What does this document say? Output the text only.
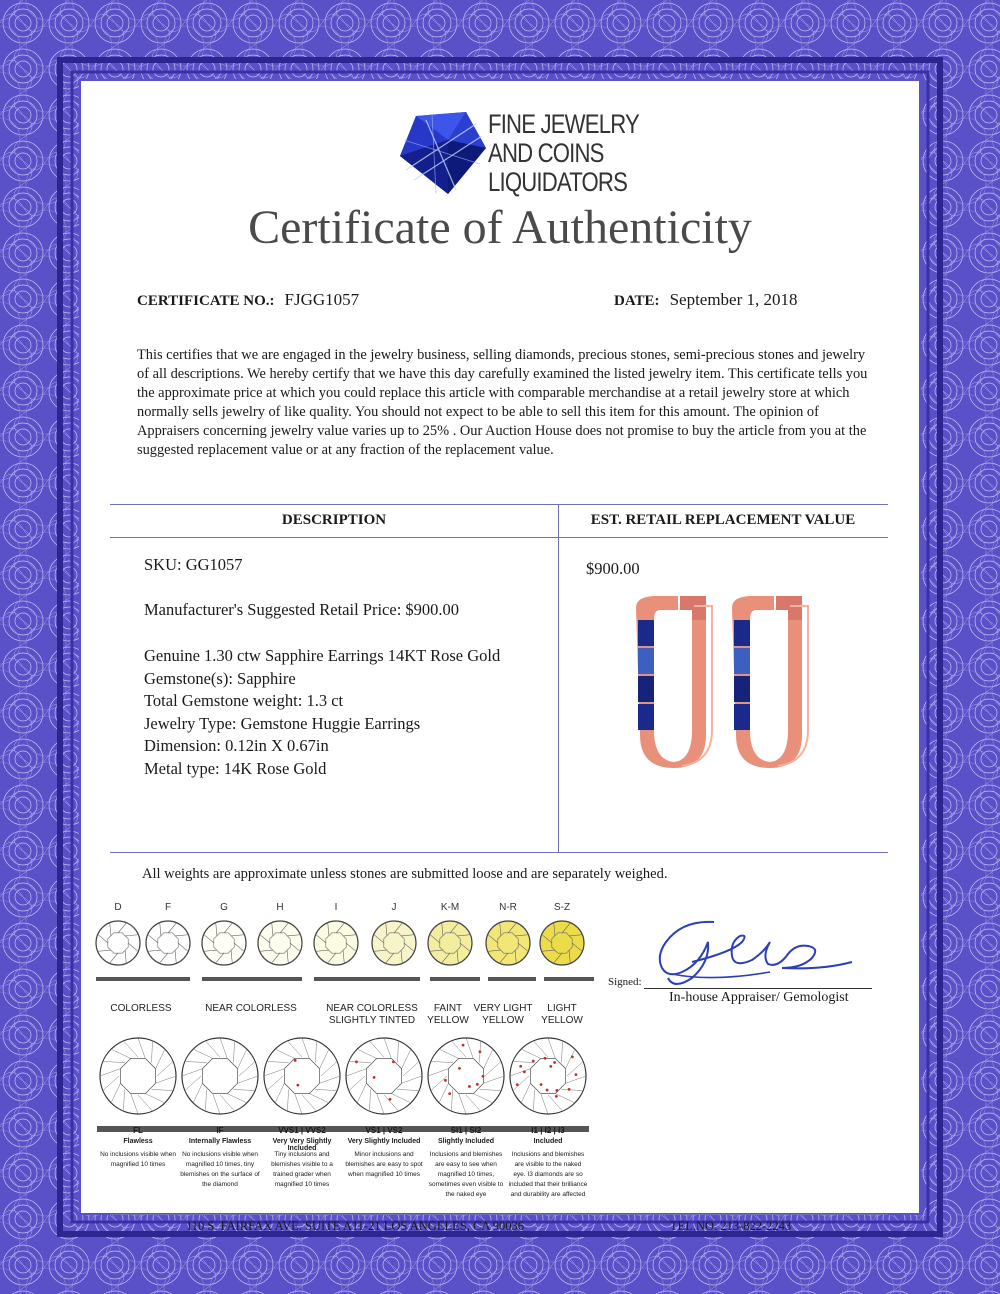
FINE JEWELRY
AND COINS
LIQUIDATORS
Certificate of Authenticity
CERTIFICATE NO.: FJGG1057	DATE: September 1, 2018
This certifies that we are engaged in the jewelry business, selling diamonds, precious stones, semi-precious stones and jewelry of all descriptions. We hereby certify that we have this day carefully examined the listed jewelry item. This certificate tells you the approximate price at which you could replace this article with comparable merchandise at a retail jewelry store at which normally sells jewelry of like quality. You should not expect to be able to sell this item for this amount. The opinion of Appraisers concerning jewelry value varies up to 25% . Our Auction House does not promise to buy the article from you at the suggested replacement value or at any fraction of the replacement value.
DESCRIPTION	EST. RETAIL REPLACEMENT VALUE
SKU: GG1057
Manufacturer's Suggested Retail Price: $900.00
Genuine 1.30 ctw Sapphire Earrings 14KT Rose Gold
Gemstone(s): Sapphire
Total Gemstone weight: 1.3 ct
Jewelry Type: Gemstone Huggie Earrings
Dimension: 0.12in X 0.67in
Metal type: 14K Rose Gold
$900.00
All weights are approximate unless stones are submitted loose and are separately weighed.
D	F	G	H	I	J	K-M	N-R	S-Z
COLORLESS	NEAR COLORLESS	NEAR COLORLESS
SLIGHTLY TINTED
FAINT
YELLOW
VERY LIGHT
YELLOW
LIGHT
YELLOW
FL
Flawless
No inclusions visible when magnified 10 times
IF
Internally Flawless
No inclusions visible when magnified 10 times, tiny blemishes on the surface of the diamond
VVS1 | VVS2
Very Very Slightly Included
Tiny inclusions and blemishes visible to a trained grader when magnified 10 times
VS1 | VS2
Very Slightly Included
Minor inclusions and blemishes are easy to spot when magnified 10 times
SI1 | SI2
Slightly Included
Inclusions and blemishes are easy to see when magnified 10 times, sometimes even visible to the naked eye
I1 | I2 | I3
Included
Inclusions and blemishes are visible to the naked eye. I3 diamonds are so included that their brilliance and durability are affected
Signed:
In-house Appraiser/ Gemologist
110 S. FAIRFAX AVE. SUITE A11-21 LOS ANGELES, CA 90036	TEL.NO. 213-822-2243
